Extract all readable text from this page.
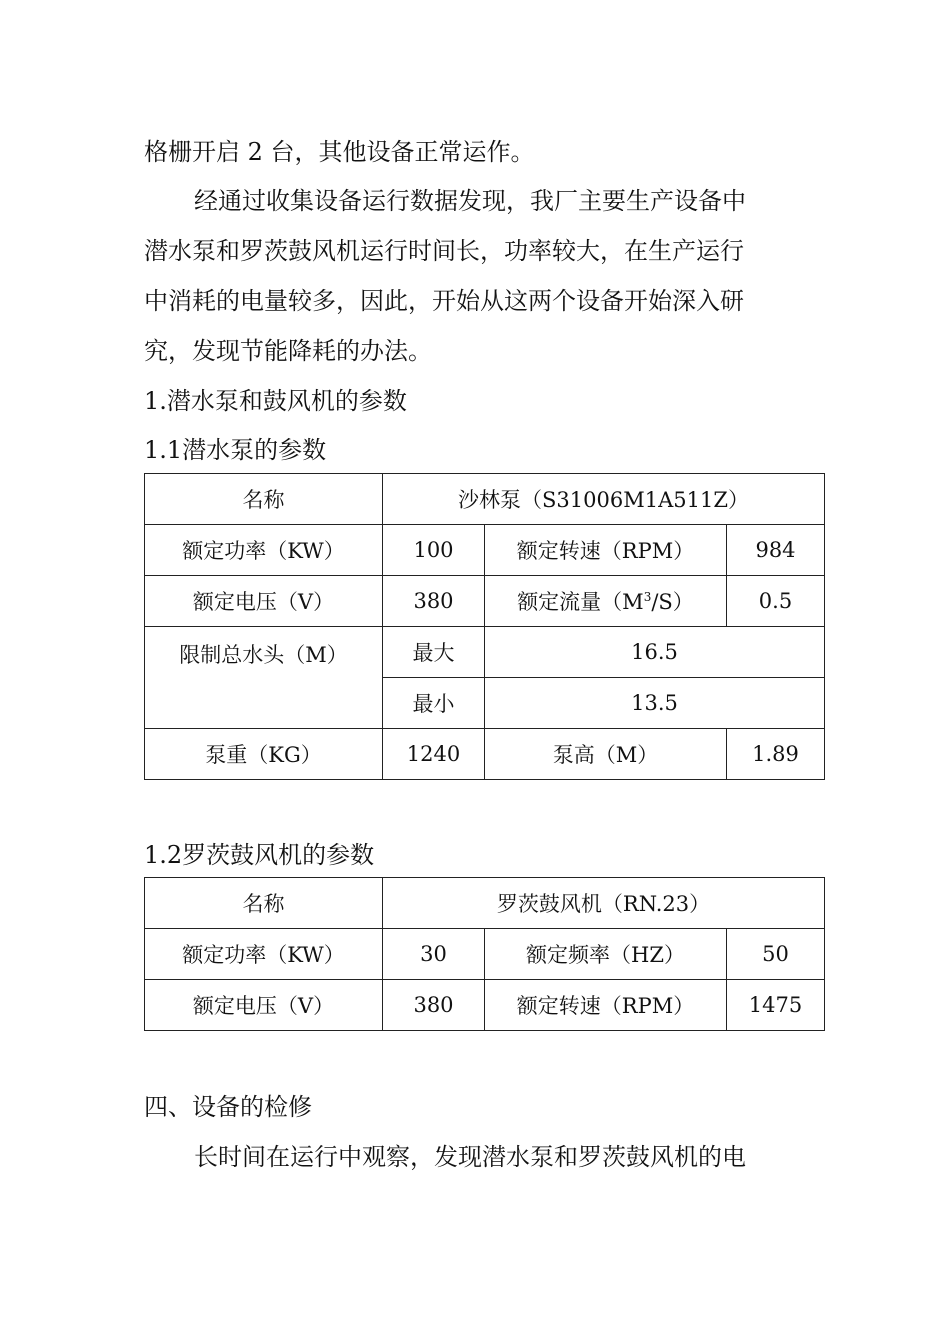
格栅开启 2 台，其他设备正常运作。
经通过收集设备运行数据发现，我厂主要生产设备中
潜水泵和罗茨鼓风机运行时间长，功率较大，在生产运行
中消耗的电量较多，因此，开始从这两个设备开始深入研
究，发现节能降耗的办法。
1.潜水泵和鼓风机的参数
1.1潜水泵的参数
名称	沙林泵（S31006M1A511Z）		
额定功率（KW）	100	额定转速（RPM）	984
额定电压（V）	380	额定流量$(M^3/S)$	0.5
限制总水头（M）	最大	16.5	
	最小	13.5	
泵重（KG）	1240	泵高（M）	1.89
1.2罗茨鼓风机的参数
名称	罗茨鼓风机（RN.23）		
额定功率（KW）	30	额定频率（HZ）	50
额定电压（V）	380	额定转速（RPM）	1475
四、设备的检修
长时间在运行中观察，发现潜水泵和罗茨鼓风机的电
